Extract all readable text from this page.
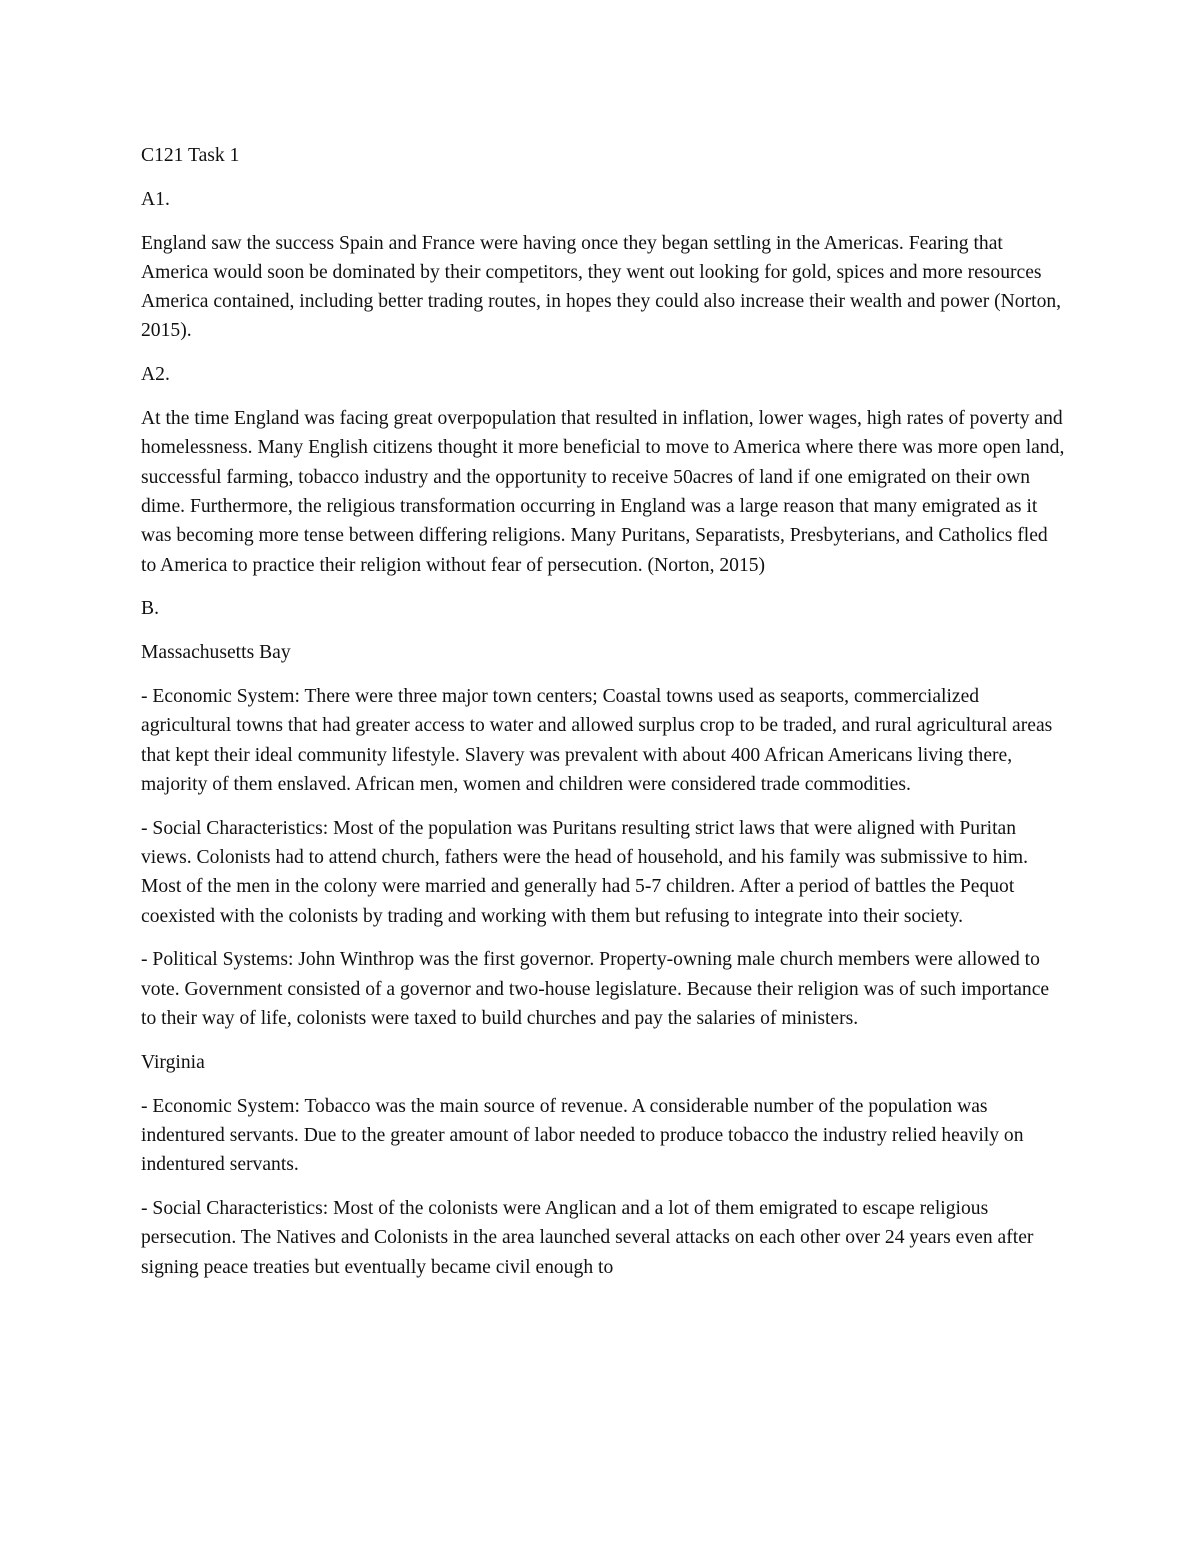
C121 Task 1

A1.

England saw the success Spain and France were having once they began settling in the Americas. Fearing that America would soon be dominated by their competitors, they went out looking for gold, spices and more resources America contained, including better trading routes, in hopes they could also increase their wealth and power (Norton, 2015).

A2.

At the time England was facing great overpopulation that resulted in inflation, lower wages, high rates of poverty and homelessness. Many English citizens thought it more beneficial to move to America where there was more open land, successful farming, tobacco industry and the opportunity to receive 50acres of land if one emigrated on their own dime. Furthermore, the religious transformation occurring in England was a large reason that many emigrated as it was becoming more tense between differing religions. Many Puritans, Separatists, Presbyterians, and Catholics fled to America to practice their religion without fear of persecution. (Norton, 2015)

B.

Massachusetts Bay

- Economic System: There were three major town centers; Coastal towns used as seaports, commercialized agricultural towns that had greater access to water and allowed surplus crop to be traded, and rural agricultural areas that kept their ideal community lifestyle. Slavery was prevalent with about 400 African Americans living there, majority of them enslaved. African men, women and children were considered trade commodities.

- Social Characteristics: Most of the population was Puritans resulting strict laws that were aligned with Puritan views. Colonists had to attend church, fathers were the head of household, and his family was submissive to him. Most of the men in the colony were married and generally had 5-7 children. After a period of battles the Pequot coexisted with the colonists by trading and working with them but refusing to integrate into their society.

- Political Systems: John Winthrop was the first governor. Property-owning male church members were allowed to vote. Government consisted of a governor and two-house legislature. Because their religion was of such importance to their way of life, colonists were taxed to build churches and pay the salaries of ministers.

Virginia

- Economic System: Tobacco was the main source of revenue. A considerable number of the population was indentured servants. Due to the greater amount of labor needed to produce tobacco the industry relied heavily on indentured servants.

- Social Characteristics: Most of the colonists were Anglican and a lot of them emigrated to escape religious persecution. The Natives and Colonists in the area launched several attacks on each other over 24 years even after signing peace treaties but eventually became civil enough to
